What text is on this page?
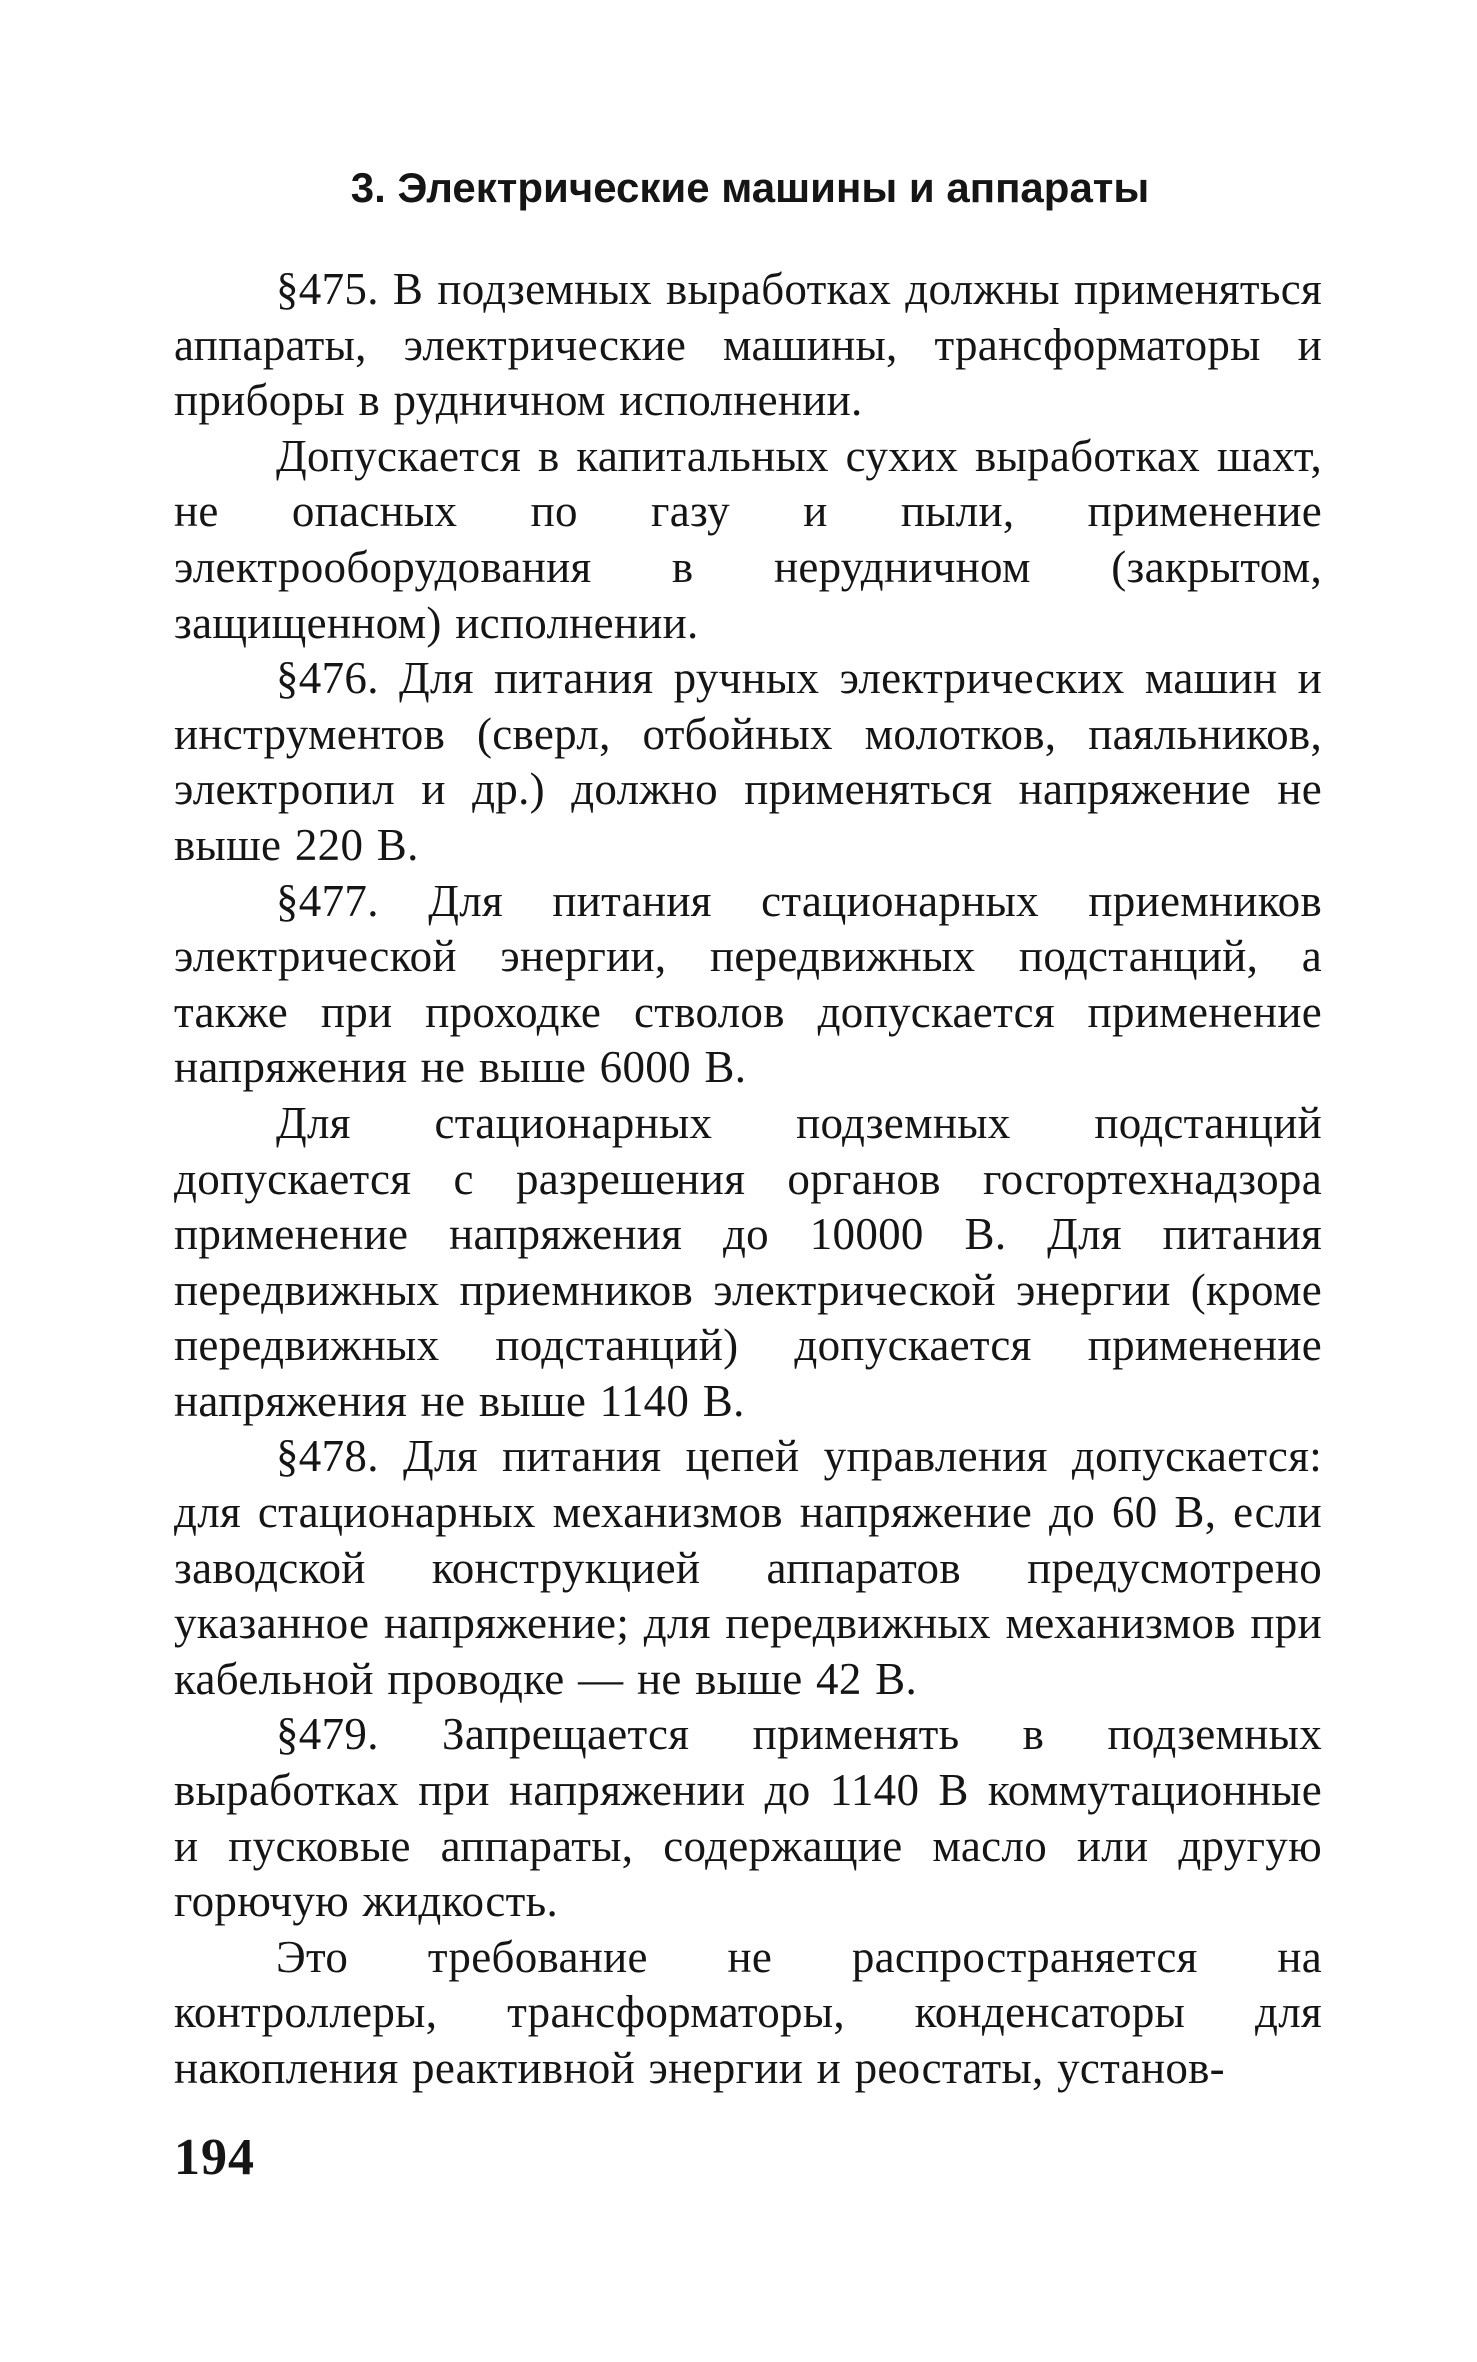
3. Электрические машины и аппараты

§475. В подземных выработках должны применяться аппараты, электрические машины, трансформаторы и приборы в рудничном исполнении.

Допускается в капитальных сухих выработках шахт, не опасных по газу и пыли, применение электрооборудования в нерудничном (закрытом, защищенном) исполнении.

§476. Для питания ручных электрических машин и инструментов (сверл, отбойных молотков, паяльников, электропил и др.) должно применяться напряжение не выше 220 В.

§477. Для питания стационарных приемников электрической энергии, передвижных подстанций, а также при проходке стволов допускается применение напряжения не выше 6000 В.

Для стационарных подземных подстанций допускается с разрешения органов госгортехнадзора применение напряжения до 10000 В. Для питания передвижных приемников электрической энергии (кроме передвижных подстанций) допускается применение напряжения не выше 1140 В.

§478. Для питания цепей управления допускается: для стационарных механизмов напряжение до 60 В, если заводской конструкцией аппаратов предусмотрено указанное напряжение; для передвижных механизмов при кабельной проводке — не выше 42 В.

§479. Запрещается применять в подземных выработках при напряжении до 1140 В коммутационные и пусковые аппараты, содержащие масло или другую горючую жидкость.

Это требование не распространяется на контроллеры, трансформаторы, конденсаторы для накопления реактивной энергии и реостаты, установ-

194
